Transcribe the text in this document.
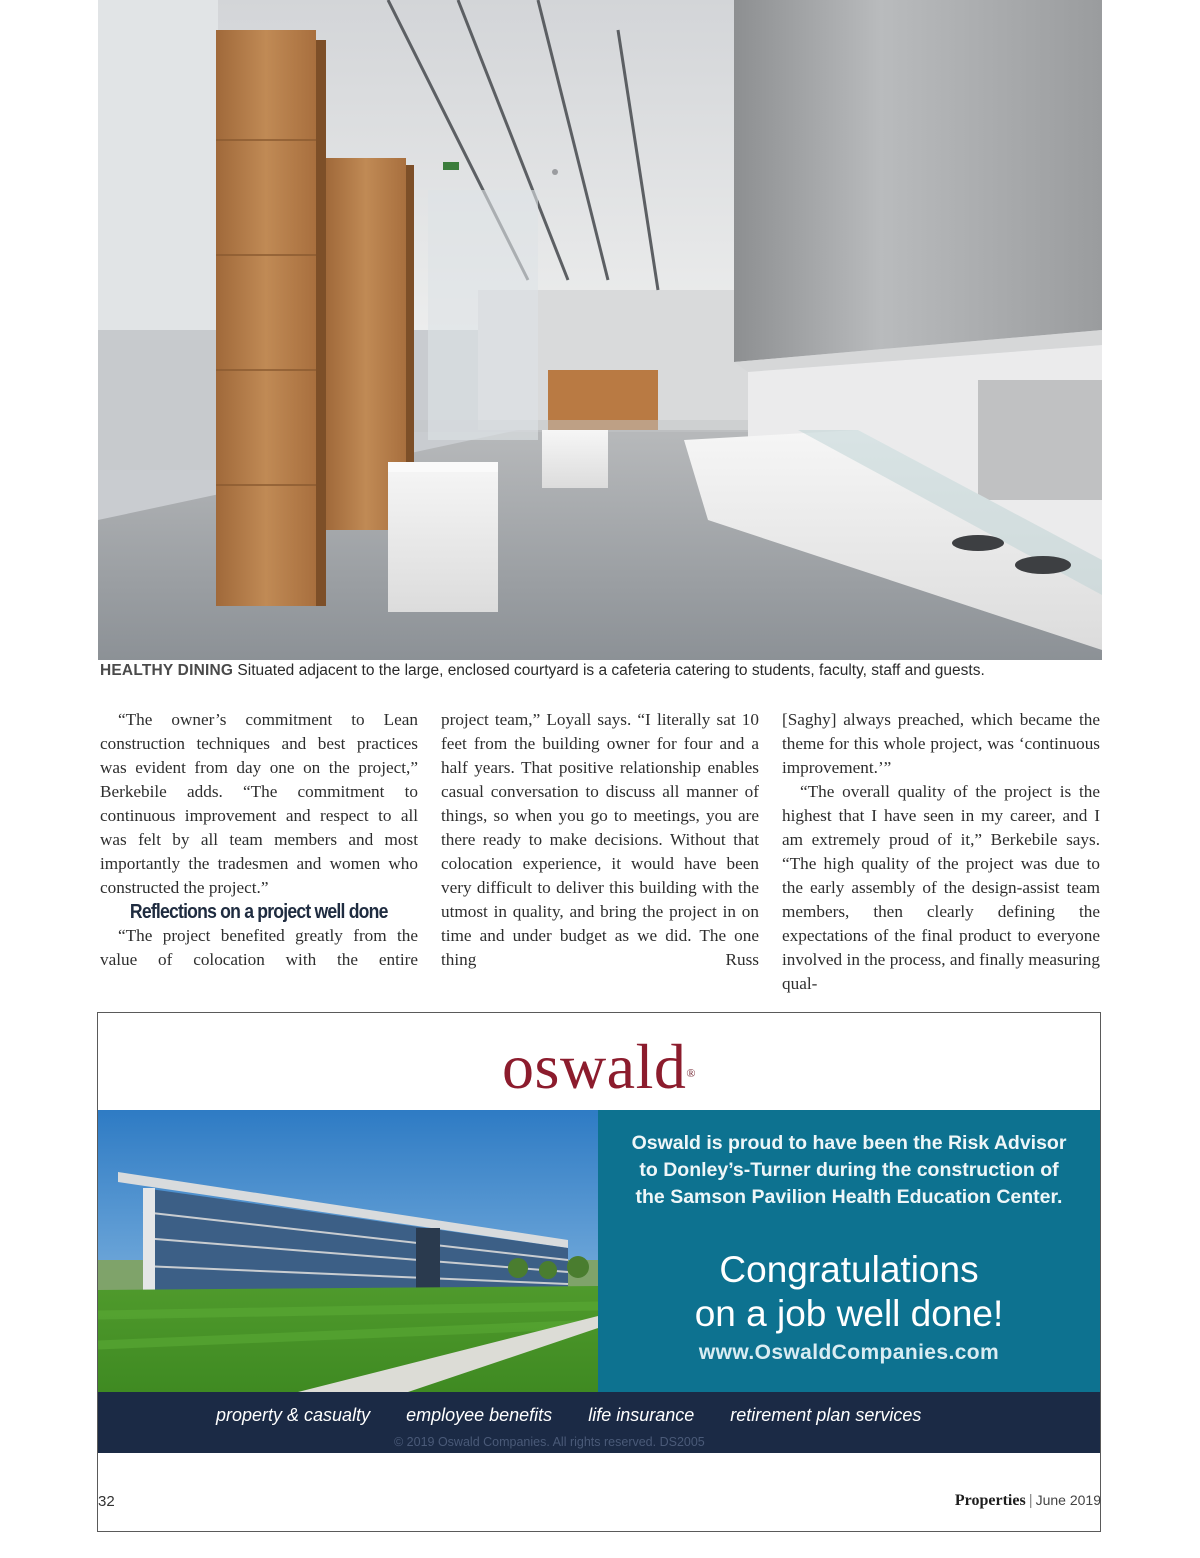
HEALTHY DINING Situated adjacent to the large, enclosed courtyard is a cafeteria catering to students, faculty, staff and guests.

“The owner’s commitment to Lean construction techniques and best practices was evident from day one on the project,” Berkebile adds. “The commitment to continuous improvement and respect to all was felt by all team members and most importantly the tradesmen and women who constructed the project.”

Reflections on a project well done

“The project benefited greatly from the value of colocation with the entire

project team,” Loyall says. “I literally sat 10 feet from the building owner for four and a half years. That positive relationship enables casual conversation to discuss all manner of things, so when you go to meetings, you are there ready to make decisions. Without that colocation experience, it would have been very difficult to deliver this building with the utmost in quality, and bring the project in on time and under budget as we did. The one thing Russ

[Saghy] always preached, which became the theme for this whole project, was ‘continuous improvement.’”

“The overall quality of the project is the highest that I have seen in my career, and I am extremely proud of it,” Berkebile says. “The high quality of the project was due to the early assembly of the design-assist team members, then clearly defining the expectations of the final product to everyone involved in the process, and finally measuring qual-

oswald®
Oswald is proud to have been the Risk Advisor
to Donley’s-Turner during the construction of
the Samson Pavilion Health Education Center.
Congratulations
on a job well done!
www.OswaldCompanies.com
property & casualty employee benefits life insurance retirement plan services
© 2019 Oswald Companies. All rights reserved. DS2005
32	Properties | June 2019
